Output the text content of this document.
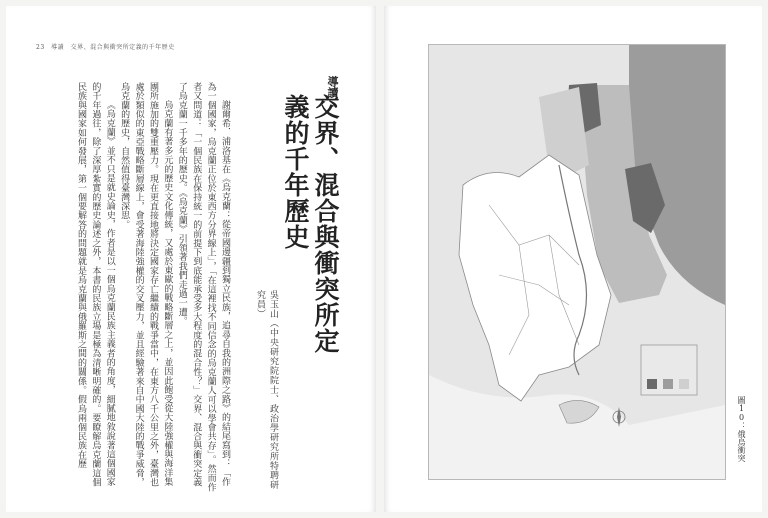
23　導讀　交界、混合與衝突所定義的千年歷史
導讀
交界、混合與衝突所定義的千年歷史
吳玉山（中央研究院院士、政治學研究所特聘研究員）

謝爾希．浦洛基在《烏克蘭：從帝國邊疆到獨立民族，追尋自我的洲際之路》的結尾寫到：「作為一個國家，烏克蘭正位於東西方分界線上」，「在這裡找不同信念的烏克蘭人可以學會共存」。然而作者又問道：「一個民族在保持統一的前提下到底能承受多大程度的混合性？」交界、混合與衝突定義了烏克蘭一千多年的歷史。《烏克蘭》引領著我們走過一遭。

烏克蘭有著多元的歷史文化傳統，又處於東歐的戰略斷層之上，並因此飽受從大陸強權與海洋集團所施加的雙重壓力。現在更直接地將決定國家存亡繼續的戰爭當中，在東方八千公里之外，臺灣也處於類似的東亞戰略斷層線上，會受著海陸強權的交叉壓力，並且經驗著來自中國大陸的戰爭威脅，烏克蘭的歷史，自然值得臺灣深思。

《烏克蘭》並不只是就史論史，作者是以一個烏克蘭民族主義者的角度，細膩地敘說著這個國家的千年過往，除了深厚紮實的歷史論述之外，本書的民族立場是極為清晰明確的。要瞭解烏克蘭這個民族與國家如何發展，第一個要解答的問題就是烏克蘭與俄羅斯之間的關係。假烏兩個民族在歷	圖10：俄烏衝突
